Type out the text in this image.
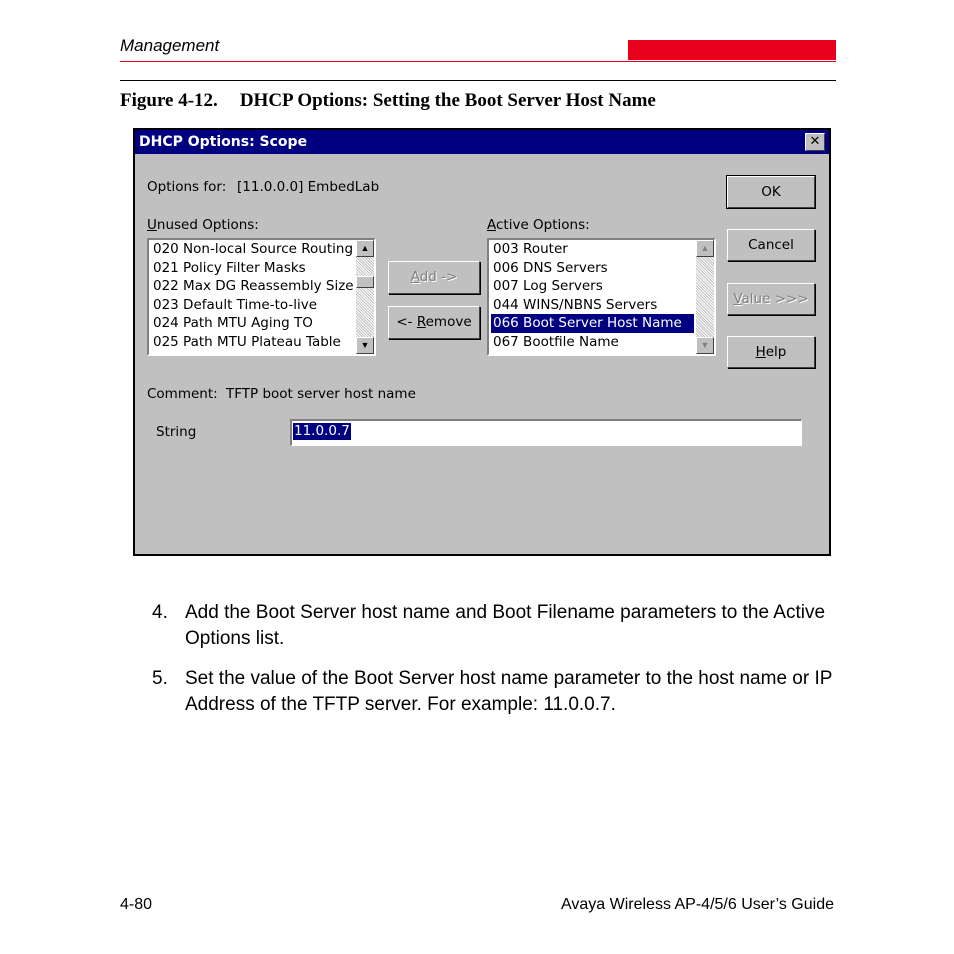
Management
Figure 4-12. DHCP Options: Setting the Boot Server Host Name
DHCP Options: Scope	✕
Options for: [11.0.0.0] EmbedLab
Unused Options:	Active Options:
020 Non-local Source Routing
021 Policy Filter Masks
022 Max DG Reassembly Size
023 Default Time-to-live
024 Path MTU Aging TO
025 Path MTU Plateau Table
▲
▼
Add ->
<- Remove
003 Router
006 DNS Servers
007 Log Servers
044 WINS/NBNS Servers
066 Boot Server Host Name
067 Bootfile Name
▲
▼
OK
Cancel
Value >>>
Help
Comment: TFTP boot server host name
String	11.0.0.7
4. Add the Boot Server host name and Boot Filename parameters to the Active Options list.
5. Set the value of the Boot Server host name parameter to the host name or IP Address of the TFTP server. For example: 11.0.0.7.
4-80	Avaya Wireless AP-4/5/6 User’s Guide
